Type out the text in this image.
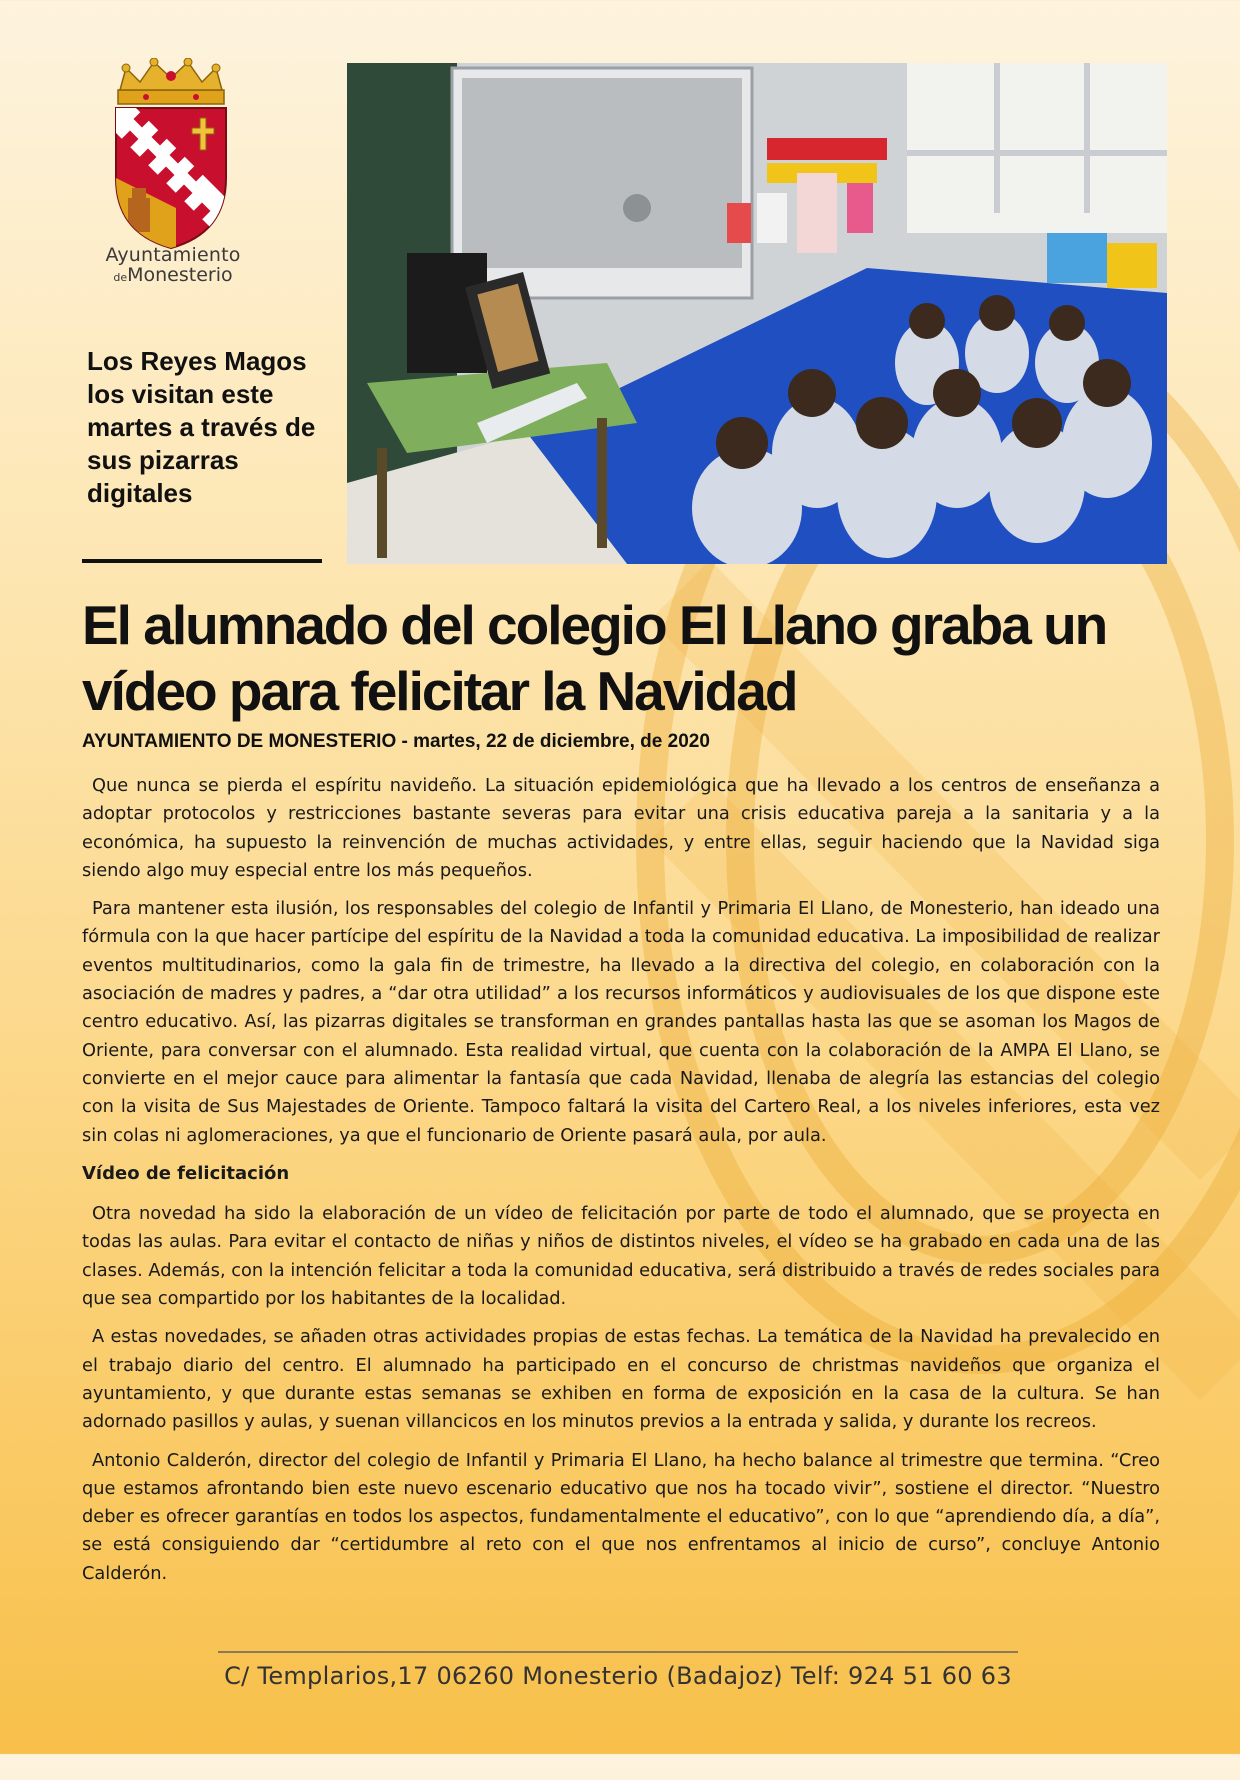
Ayuntamiento
deMonesterio
Los Reyes Magos los visitan este martes a través de sus pizarras digitales
El alumnado del colegio El Llano graba un vídeo para felicitar la Navidad
AYUNTAMIENTO DE MONESTERIO - martes, 22 de diciembre, de 2020

Que nunca se pierda el espíritu navideño. La situación epidemiológica que ha llevado a los centros de enseñanza a adoptar protocolos y restricciones bastante severas para evitar una crisis educativa pareja a la sanitaria y a la económica, ha supuesto la reinvención de muchas actividades, y entre ellas, seguir haciendo que la Navidad siga siendo algo muy especial entre los más pequeños.

Para mantener esta ilusión, los responsables del colegio de Infantil y Primaria El Llano, de Monesterio, han ideado una fórmula con la que hacer partícipe del espíritu de la Navidad a toda la comunidad educativa. La imposibilidad de realizar eventos multitudinarios, como la gala fin de trimestre, ha llevado a la directiva del colegio, en colaboración con la asociación de madres y padres, a “dar otra utilidad” a los recursos informáticos y audiovisuales de los que dispone este centro educativo. Así, las pizarras digitales se transforman en grandes pantallas hasta las que se asoman los Magos de Oriente, para conversar con el alumnado. Esta realidad virtual, que cuenta con la colaboración de la AMPA El Llano, se convierte en el mejor cauce para alimentar la fantasía que cada Navidad, llenaba de alegría las estancias del colegio con la visita de Sus Majestades de Oriente. Tampoco faltará la visita del Cartero Real, a los niveles inferiores, esta vez sin colas ni aglomeraciones, ya que el funcionario de Oriente pasará aula, por aula.

Vídeo de felicitación

Otra novedad ha sido la elaboración de un vídeo de felicitación por parte de todo el alumnado, que se proyecta en todas las aulas. Para evitar el contacto de niñas y niños de distintos niveles, el vídeo se ha grabado en cada una de las clases. Además, con la intención felicitar a toda la comunidad educativa, será distribuido a través de redes sociales para que sea compartido por los habitantes de la localidad.

A estas novedades, se añaden otras actividades propias de estas fechas. La temática de la Navidad ha prevalecido en el trabajo diario del centro. El alumnado ha participado en el concurso de christmas navideños que organiza el ayuntamiento, y que durante estas semanas se exhiben en forma de exposición en la casa de la cultura. Se han adornado pasillos y aulas, y suenan villancicos en los minutos previos a la entrada y salida, y durante los recreos.

Antonio Calderón, director del colegio de Infantil y Primaria El Llano, ha hecho balance al trimestre que termina. “Creo que estamos afrontando bien este nuevo escenario educativo que nos ha tocado vivir”, sostiene el director. “Nuestro deber es ofrecer garantías en todos los aspectos, fundamentalmente el educativo”, con lo que “aprendiendo día, a día”, se está consiguiendo dar “certidumbre al reto con el que nos enfrentamos al inicio de curso”, concluye Antonio Calderón.

C/ Templarios,17 06260 Monesterio (Badajoz) Telf: 924 51 60 63
